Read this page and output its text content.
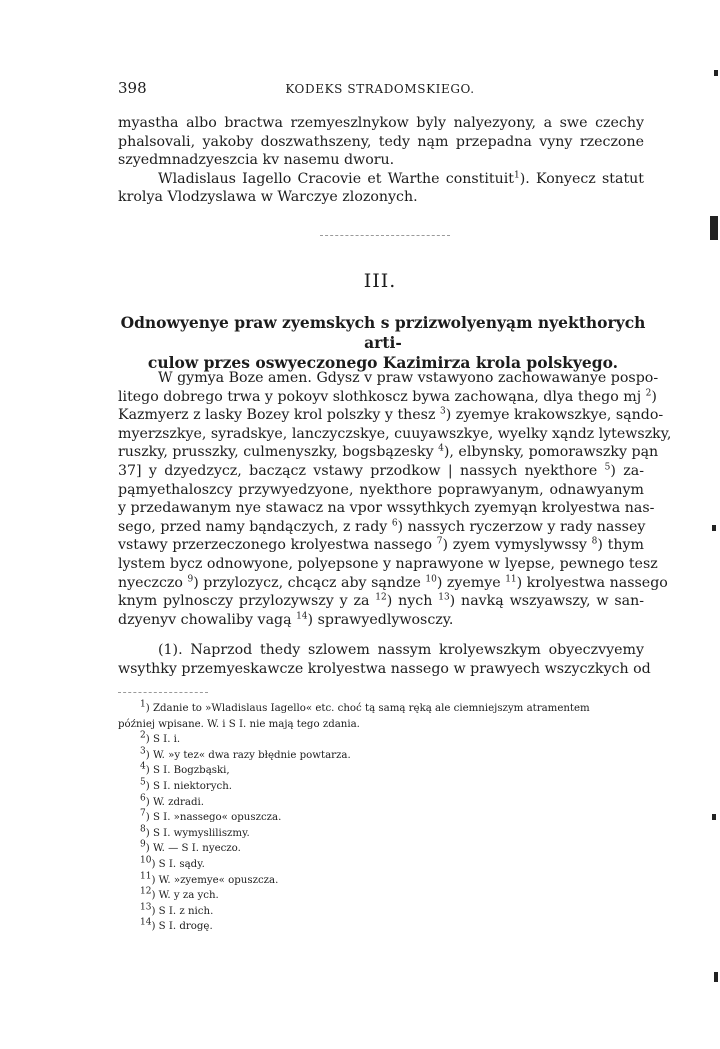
398	KODEKS STRADOMSKIEGO.
myastha albo bractwa rzemyeszlnykow byly nalyezyony, a swe czechy
phalsovali, yakoby doszwathszeny, tedy nąm przepadna vyny rzeczone
szyedmnadzyeszcia kv nasemu dworu.
Wladislaus Iagello Cracovie et Warthe constituit$^1$). Konyecz statut
krolya Vlodzyslawa w Warczye zlozonych.
III.
Odnowyenye praw zyemskych s przizwolyenyąm nyekthorych arti-
culow przes oswyeczonego Kazimirza krola polskyego.
W gymya Boze amen. Gdysz v praw vstawyono zachowawanye pospo-
litego dobrego trwa y pokoyv slothkoscz bywa zachowąna, dlya thego mj $^2$)
Kazmyerz z lasky Bozey krol polszky y thesz $^3$) zyemye krakowszkye, sąndo-
myerzszkye, syradskye, lanczyczskye, cuuyawszkye, wyelky xąndz lytewszky,
ruszky, prusszky, culmenyszky, bogsbązesky $^4$), elbynsky, pomorawszky pąn
37] y dzyedzycz, baczącz vstawy przodkow | nassych nyekthore $^5$) za-
pąmyethaloszcy przywyedzyone, nyekthore poprawyanym, odnawyanym
y przedawanym nye stawacz na vpor wssythkych zyemyąn krolyestwa nas-
sego, przed namy bąndączych, z rady $^6$) nassych ryczerzow y rady nassey
vstawy przerzeczonego krolyestwa nassego $^7$) zyem vymyslywssy $^8$) thym
lystem bycz odnowyone, polyepsone y naprawyone w lyepse, pewnego tesz
nyeczczo $^9$) przylozycz, chcącz aby sąndze $^{10}$) zyemye $^{11}$) krolyestwa nassego
knym pylnosczy przylozywszy y za $^{12}$) nych $^{13}$) navką wszyawszy, w san-
dzyenyv chowaliby vagą $^{14}$) sprawyedlywosczy.
(1). Naprzod thedy szlowem nassym krolyewszkym obyeczvyemy
wsythky przemyeskawcze krolyestwa nassego w prawyech wszyczkych od
$^1$) Zdanie to »Wladislaus Iagello« etc. choć tą samą ręką ale ciemniejszym atramentem
później wpisane. W. i S I. nie mają tego zdania.
$^2$) S I. i.
$^3$) W. »y tez« dwa razy błędnie powtarza.
$^4$) S I. Bogzbąski,
$^5$) S I. niektorych.
$^6$) W. zdradi.
$^7$) S I. »nassego« opuszcza.
$^8$) S I. wymysliliszmy.
$^9$) W. — S I. nyeczo.
$^{10}$) S I. sądy.
$^{11}$) W. »zyemye« opuszcza.
$^{12}$) W. y za ych.
$^{13}$) S I. z nich.
$^{14}$) S I. drogę.
